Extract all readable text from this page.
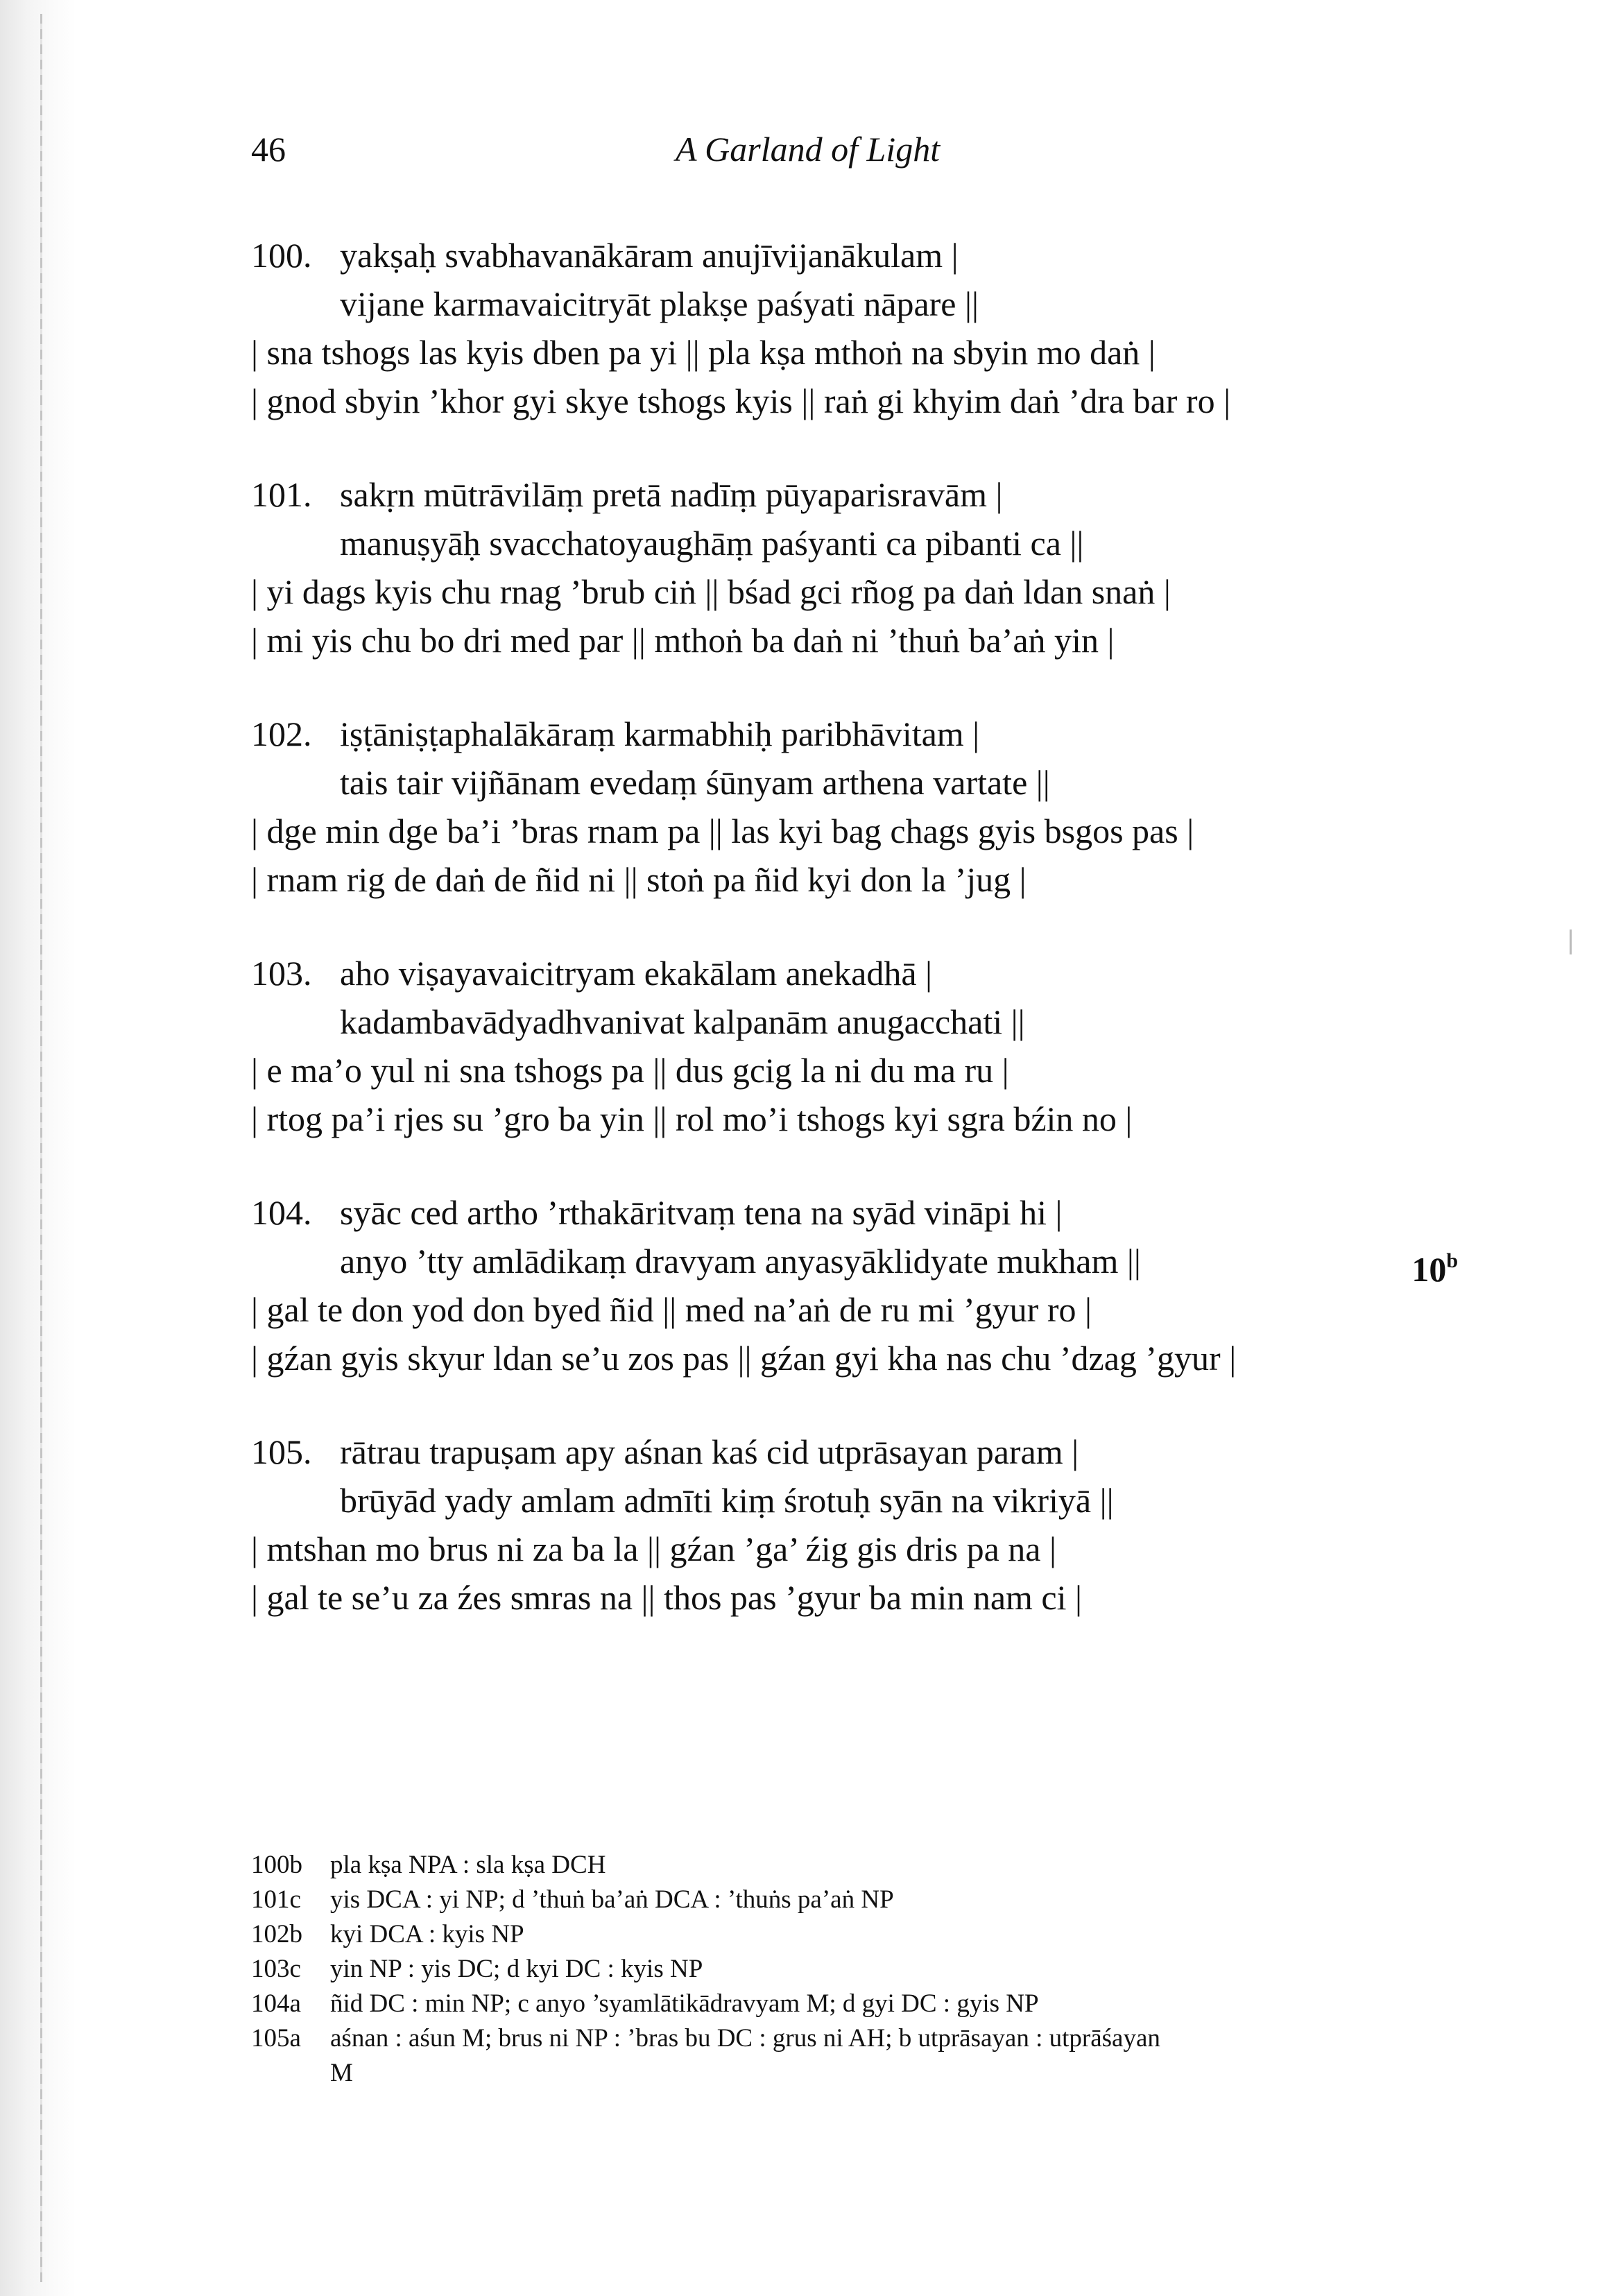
46	A Garland of Light
100. yakṣaḥ svabhavanākāram anujīvijanākulam |
vijane karmavaicitryāt plakṣe paśyati nāpare ||
| sna tshogs las kyis dben pa yi || pla kṣa mthoṅ na sbyin mo daṅ |
| gnod sbyin ’khor gyi skye tshogs kyis || raṅ gi khyim daṅ ’dra bar ro |
101. sakṛn mūtrāvilāṃ pretā nadīṃ pūyaparisravām |
manuṣyāḥ svacchatoyaughāṃ paśyanti ca pibanti ca ||
| yi dags kyis chu rnag ’brub ciṅ || bśad gci rñog pa daṅ ldan snaṅ |
| mi yis chu bo dri med par || mthoṅ ba daṅ ni ’thuṅ ba’aṅ yin |
102. iṣṭāniṣṭaphalākāraṃ karmabhiḥ paribhāvitam |
tais tair vijñānam evedaṃ śūnyam arthena vartate ||
| dge min dge ba’i ’bras rnam pa || las kyi bag chags gyis bsgos pas |
| rnam rig de daṅ de ñid ni || stoṅ pa ñid kyi don la ’jug |
103. aho viṣayavaicitryam ekakālam anekadhā |
kadambavādyadhvanivat kalpanām anugacchati ||
| e ma’o yul ni sna tshogs pa || dus gcig la ni du ma ru |
| rtog pa’i rjes su ’gro ba yin || rol mo’i tshogs kyi sgra bźin no |
104. syāc ced artho ’rthakāritvaṃ tena na syād vināpi hi |
anyo ’tty amlādikaṃ dravyam anyasyāklidyate mukham ||	10$^b$
| gal te don yod don byed ñid || med na’aṅ de ru mi ’gyur ro |
| gźan gyis skyur ldan se’u zos pas || gźan gyi kha nas chu ’dzag ’gyur |
105. rātrau trapuṣam apy aśnan kaś cid utprāsayan param |
brūyād yady amlam admīti kiṃ śrotuḥ syān na vikriyā ||
| mtshan mo brus ni za ba la || gźan ’ga’ źig gis dris pa na |
| gal te se’u za źes smras na || thos pas ’gyur ba min nam ci |
100b pla kṣa NPA : sla kṣa DCH
101c yis DCA : yi NP; d ’thuṅ ba’aṅ DCA : ’thuṅs pa’aṅ NP
102b kyi DCA : kyis NP
103c yin NP : yis DC; d kyi DC : kyis NP
104a ñid DC : min NP; c anyo ’syamlātikādravyam M; d gyi DC : gyis NP
105a aśnan : aśun M; brus ni NP : ’bras bu DC : grus ni AH; b utprāsayan : utprāśayan
M
